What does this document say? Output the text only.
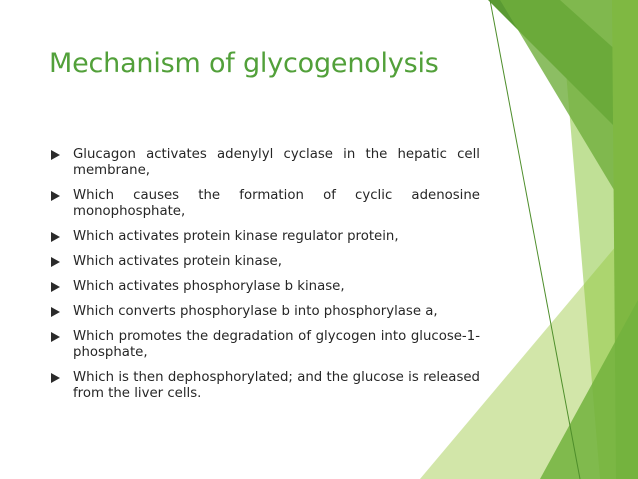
Mechanism of glycogenolysis
Glucagon activates adenylyl cyclase in the hepatic cell membrane,
Which causes the formation of cyclic adenosine monophosphate,
Which activates protein kinase regulator protein,
Which activates protein kinase,
Which activates phosphorylase b kinase,
Which converts phosphorylase b into phosphorylase a,
Which promotes the degradation of glycogen into glucose-1-phosphate,
Which is then dephosphorylated; and the glucose is released from the liver cells.
